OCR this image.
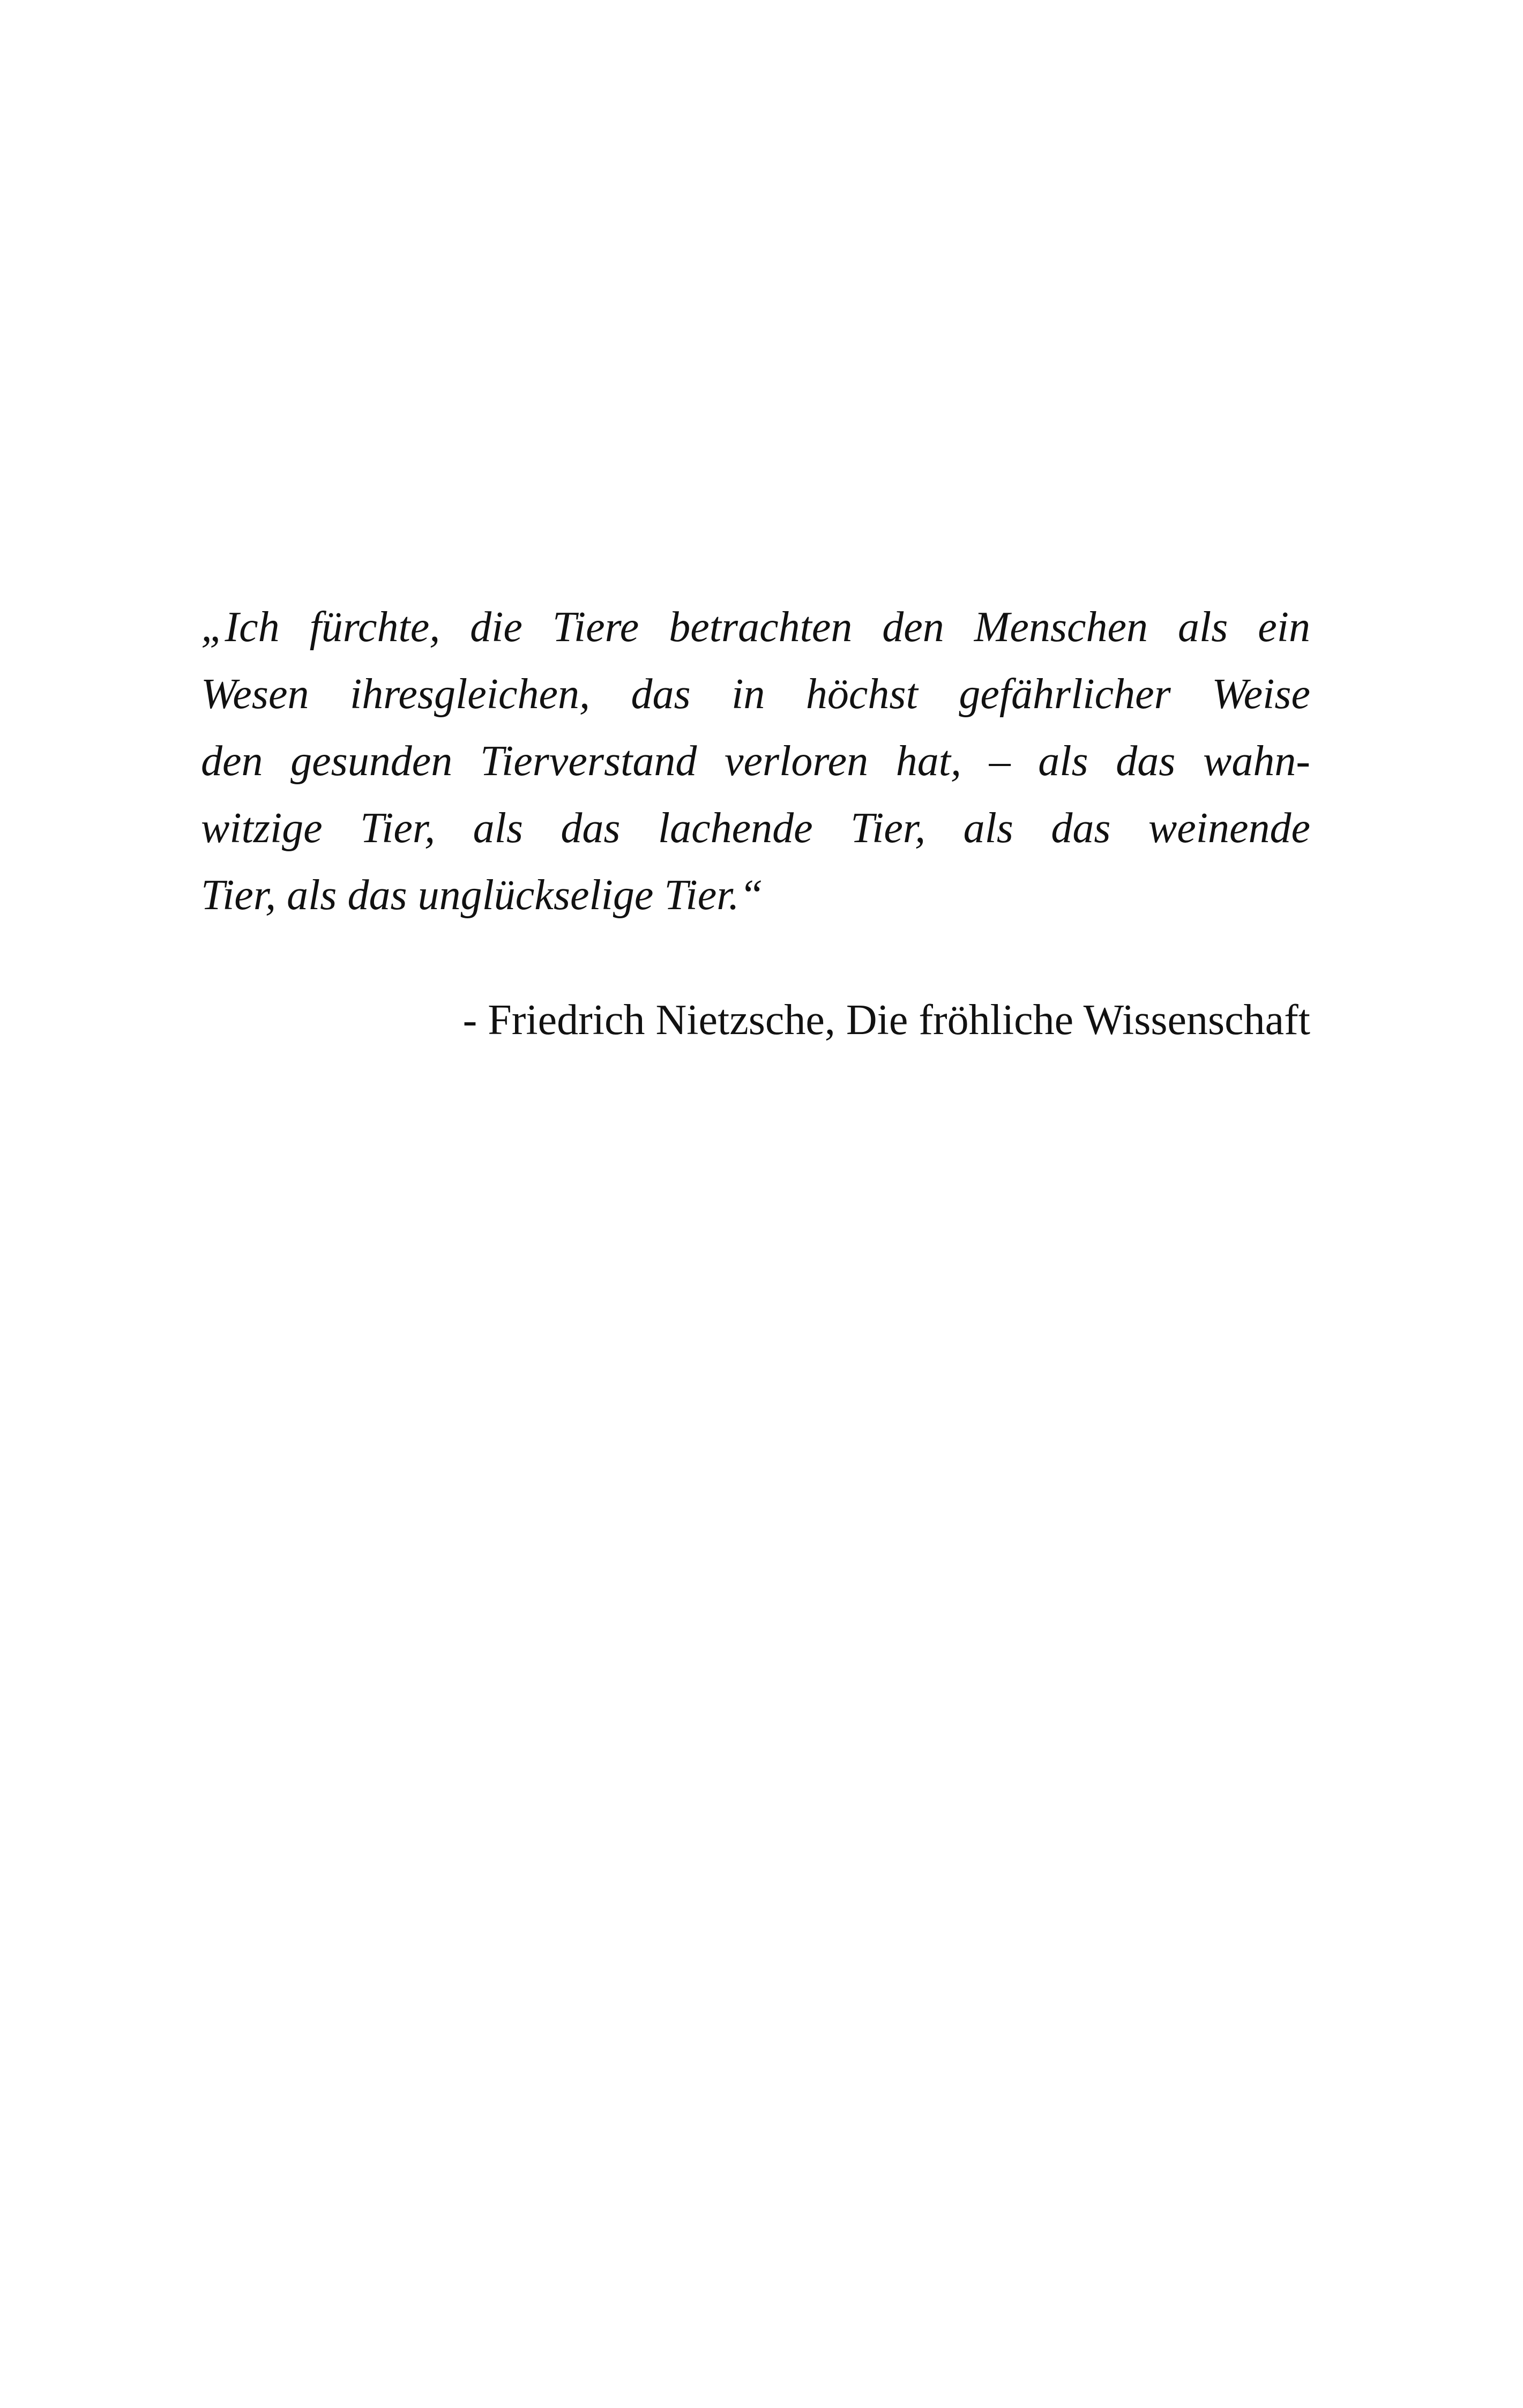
„Ich fürchte, die Tiere betrachten den Menschen als ein
Wesen ihresgleichen, das in höchst gefährlicher Weise
den gesunden Tierverstand verloren hat, – als das wahn-
witzige Tier, als das lachende Tier, als das weinende
Tier, als das unglückselige Tier.“

- Friedrich Nietzsche, Die fröhliche Wissenschaft
